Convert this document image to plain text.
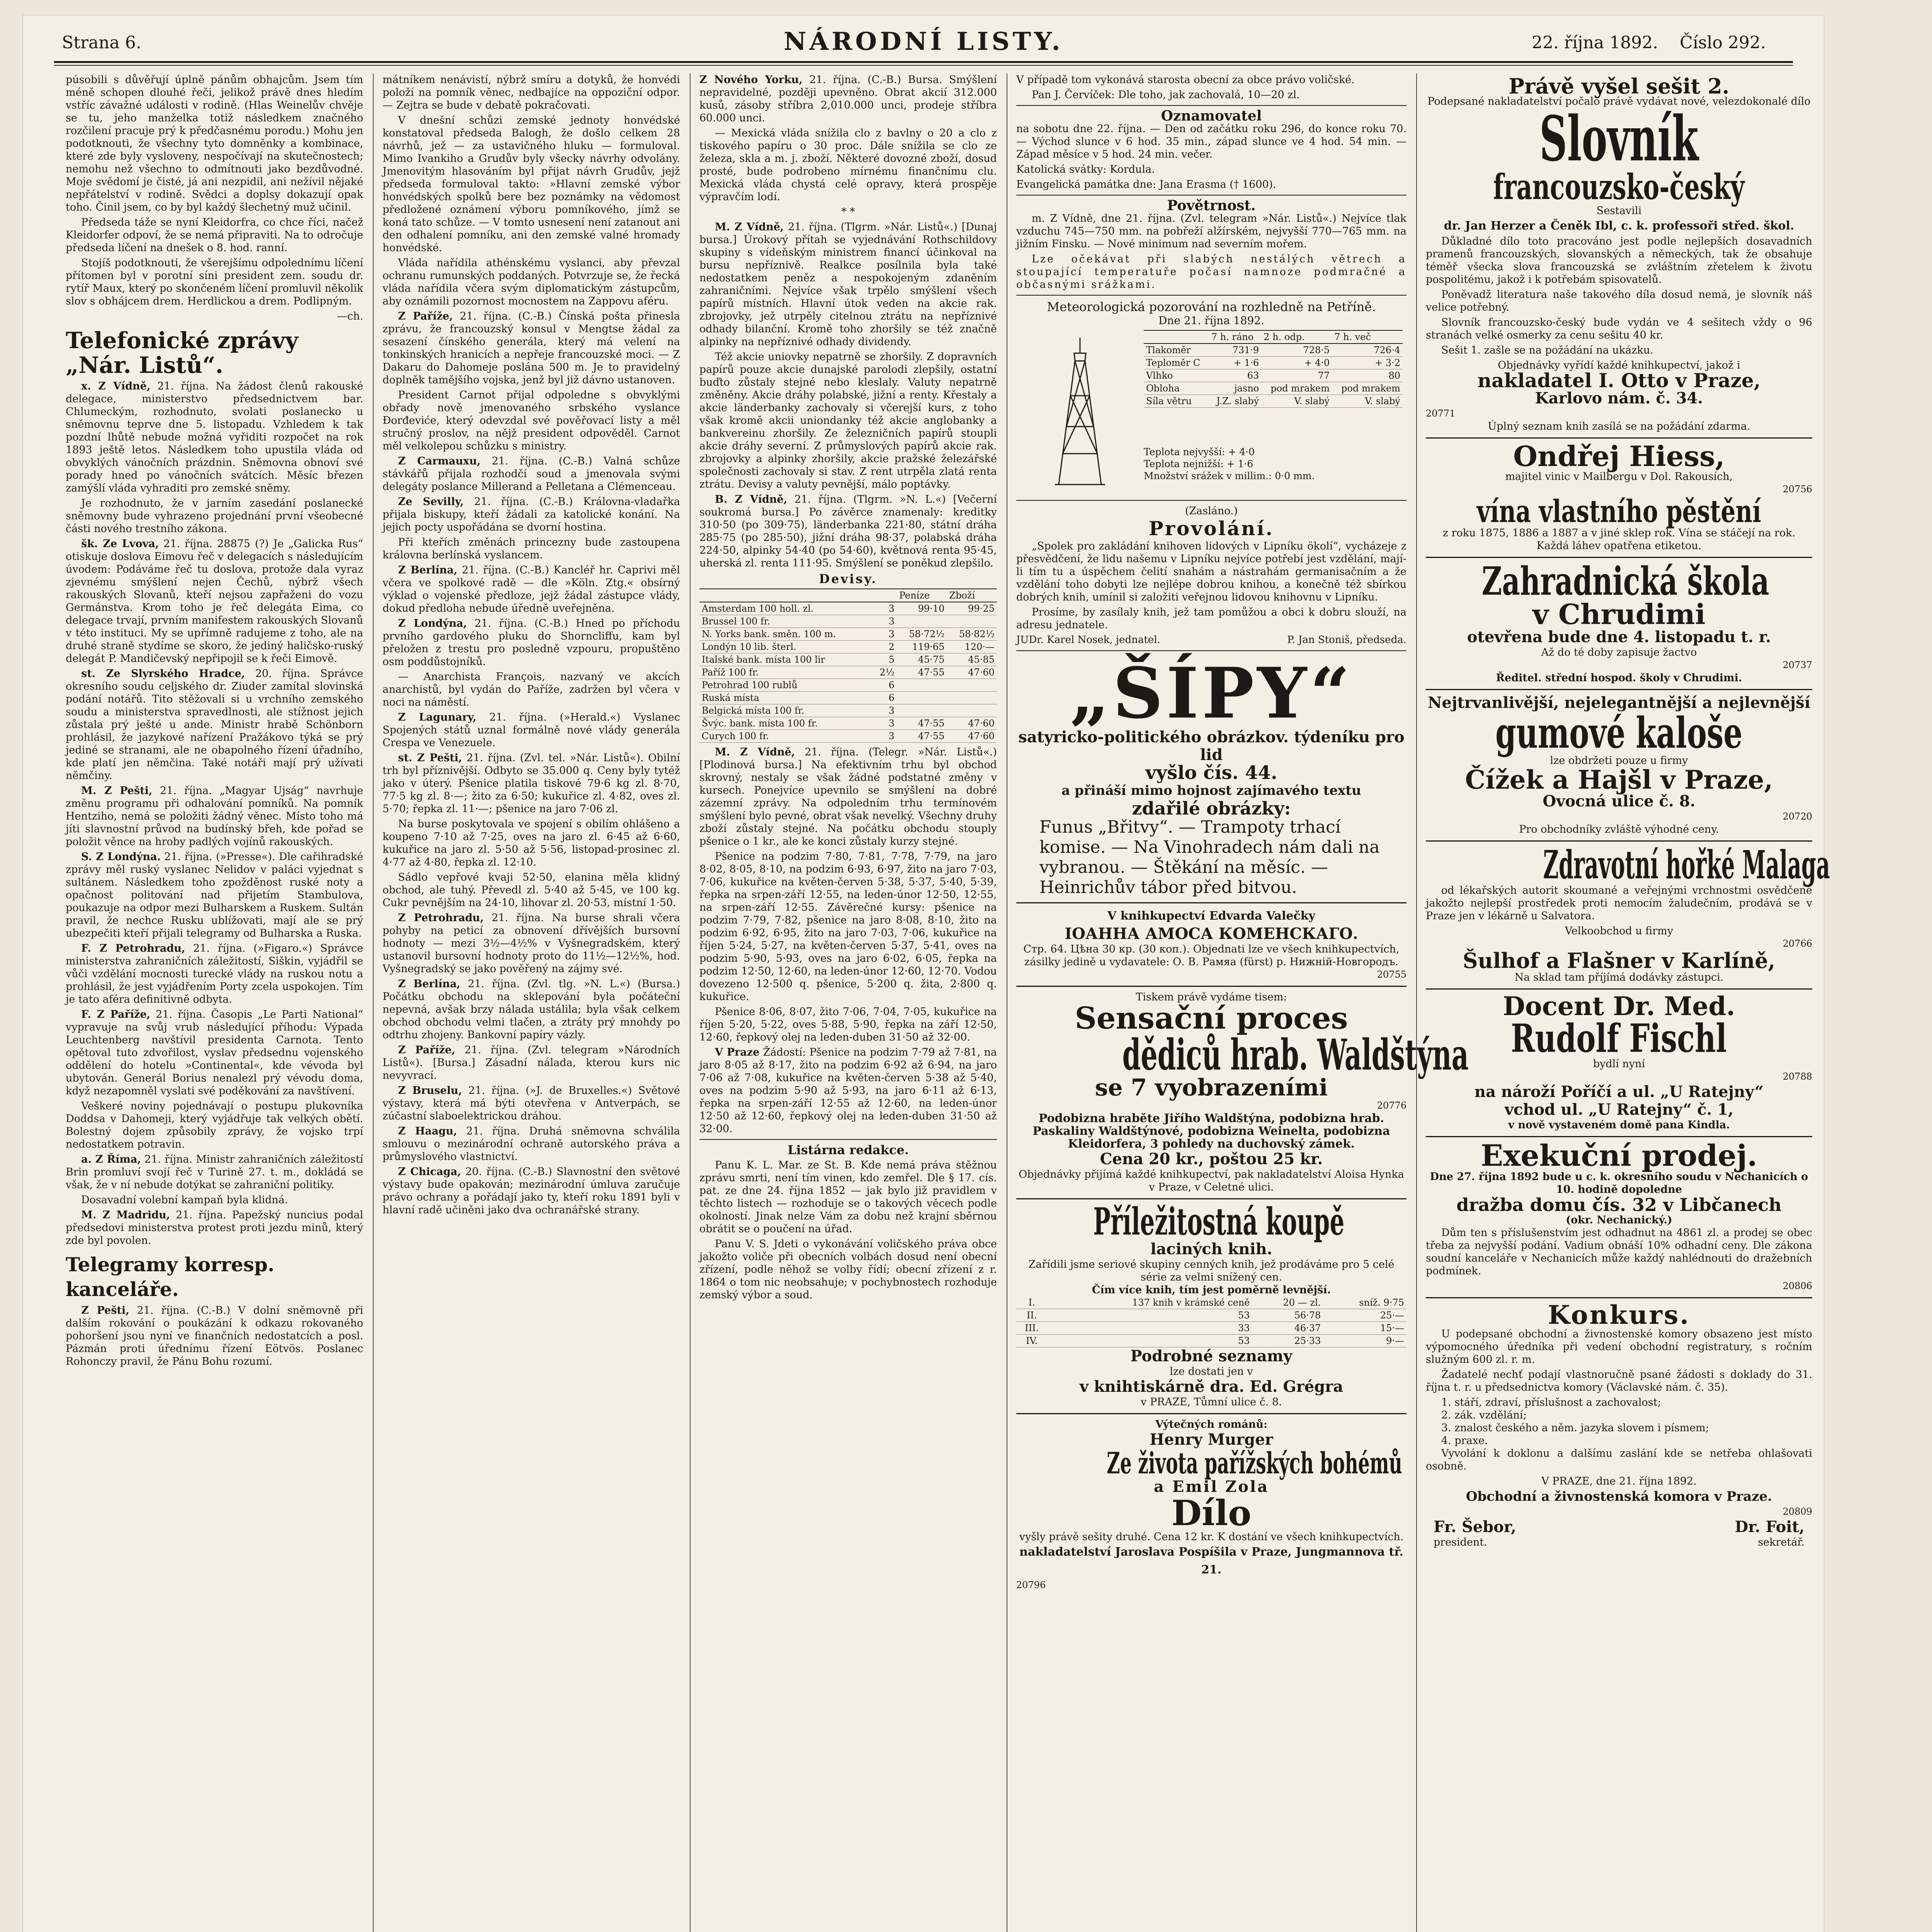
Strana 6.	NÁRODNÍ LISTY.	22. října 1892. Číslo 292.

púsobili s důvěřují úplně pánům obhajcům. Jsem tím méně schopen dlouhé řeči, jelikož právě dnes hledím vstříc závažné události v rodině. (Hlas Weinelův chvěje se tu, jeho manželka totiž následkem značného rozčilení pracuje prý k předčasnému porodu.) Mohu jen podotknouti, že všechny tyto domněnky a kombinace, které zde byly vysloveny, nespočívají na skutečnostech; nemohu než všechno to odmítnouti jako bezdůvodné. Moje svědomí je čisté, já ani nezpidil, ani nežívil nějaké nepřátelství v rodině. Svědci a doplsy dokazují opak toho. Činil jsem, co by byl každý šlechetný muž učinil.

Předseda táže se nyní Kleidorfra, co chce říci, načež Kleidorfer odpoví, že se nemá připraviti. Na to odročuje předseda líčení na dnešek o 8. hod. ranní.

Stojíš podotknouti, že všerejšímu odpolednímu líčení přítomen byl v porotní síni president zem. soudu dr. rytíř Maux, který po skončeném líčení promluvil několik slov s obhájcem drem. Herdlickou a drem. Podlipným.

—ch.

Telefonické zprávy „Nár. Listů“.

x. Z Vídně, 21. října. Na žádost členů rakouské delegace, ministerstvo předsednictvem bar. Chlumeckým, rozhodnuto, svolati poslanecko u sněmovnu teprve dne 5. listopadu. Vzhledem k tak pozdní lhůtě nebude možná vyřiditi rozpočet na rok 1893 ještě letos. Následkem toho upustila vláda od obvyklých vánočních prázdnin. Sněmovna obnoví své porady hned po vánočních svátcích. Měsíc březen zamýšlí vláda vyhraditi pro zemské sněmy.

Je rozhodnuto, že v jarním zasedání poslanecké sněmovny bude vyhrazeno projednání první všeobecné části nového trestního zákona.

šk. Ze Lvova, 21. října. 28875 (?) Je „Galicka Rus“ otiskuje doslova Eimovu řeč v delegacích s následujícím úvodem: Podáváme řeč tu doslova, protože dala vyraz zjevnému smýšlení nejen Čechů, nýbrž všech rakouských Slovanů, kteří nejsou zapřaženi do vozu Germánstva. Krom toho je řeč delegáta Eima, co delegace trvají, prvním manifestem rakouských Slovanů v této instituci. My se upřímně radujeme z toho, ale na druhé straně stydíme se skoro, že jediný haličsko-ruský delegát P. Mandičevský nepřipojil se k řeči Eimově.

st. Ze Slyrského Hradce, 20. října. Správce okresního soudu celjského dr. Ziuder zamítal slovinská podání notářů. Tito stěžovali si u vrchního zemského soudu a ministerstva spravedlnosti, ale stížnost jejich zůstala prý ješté u ande. Ministr hrabě Schönborn prohlásil, že jazykové nařízení Pražákovo týká se prý jediné se stranami, ale ne obapolného řízení úřadního, kde platí jen němčina. Také notáři mají prý užívati němčiny.

M. Z Pešti, 21. října. „Magyar Ujság“ navrhuje změnu programu při odhalování pomníků. Na pomník Hentziho, nemá se položiti žádný věnec. Místo toho má jíti slavnostní průvod na budínský břeh, kde pořad se položit věnce na hroby padlých vojínů rakouských.

S. Z Londýna. 21. října. (»Presse«). Dle cařihradské zprávy měl ruský vyslanec Nelidov v paláci vyjednat s sultánem. Následkem toho zpožděnost ruské noty a opačnost politování nad přijetím Stambulova, poukazuje na odpor mezi Bulharskem a Ruskem. Sultán pravil, že nechce Rusku ublížovati, mají ale se prý ubezpečiti kteří přijali telegramy od Bulharska a Ruska.

F. Z Petrohradu, 21. října. (»Figaro.«) Správce ministerstva zahraničních záležitostí, Siškin, vyjádřil se vůči vzdělání mocnosti turecké vlády na ruskou notu a prohlásil, že jest vyjádřením Porty zcela uspokojen. Tím je tato aféra definitivně odbyta.

F. Z Paříže, 21. října. Časopis „Le Parti National“ vypravuje na svůj vrub následující příhodu: Výpada Leuchtenberg navštívil presidenta Carnota. Tento opětoval tuto zdvořilost, vyslav předsednu vojenského oddělení do hotelu »Continental«, kde vévoda byl ubytován. Generál Borius nenalezl prý vévodu doma, když nezapomněl vyslati své poděkování za navštívení.

Veškeré noviny pojednávají o postupu plukovníka Doddsa v Dahomeji, který vyjádřuje tak velkých obětí. Bolestný dojem způsobily zprávy, že vojsko trpí nedostatkem potravin.

a. Z Říma, 21. října. Ministr zahraničních záležitostí Brin promluví svojí řeč v Turině 27. t. m., dokládá se však, že v ní nebude dotýkat se zahraniční politiky.

Dosavadní volební kampaň byla klidná.

M. Z Madridu, 21. října. Papežský nuncius podal předsedovi ministerstva protest proti jezdu minů, který zde byl povolen.

Telegramy korresp. kanceláře.

Z Pešti, 21. října. (C.-B.) V dolní sněmovně při dalším rokování o poukázání k odkazu rokovaného pohoršení jsou nyní ve finančních nedostatcích a posl. Pázmán proti úřednímu řízení Eötvös. Poslanec Rohonczy pravil, že Pánu Bohu rozumí.

mátníkem nenávistí, nýbrž smíru a dotyků, že honvédi položí na pomník věnec, nedbajíce na oppoziční odpor. — Zejtra se bude v debatě pokračovati.

V dnešní schůzi zemské jednoty honvédské konstatoval předseda Balogh, že došlo celkem 28 návrhů, jež — za ustavičného hluku — formuloval. Mimo Ivankiho a Grudův byly všecky návrhy odvolány. Jmenovitým hlasováním byl přijat návrh Grudův, jejž předseda formuloval takto: »Hlavní zemské výbor honvédských spolků bere bez poznámky na vědomost předložené oznámení výboru pomníkového, jímž se koná tato schůze. — V tomto usnesení není zatanout ani den odhalení pomníku, ani den zemské valné hromady honvédské.

Vláda nařídila athénskému vyslanci, aby převzal ochranu rumunských poddaných. Potvrzuje se, že řecká vláda nařídila včera svým diplomatickým zástupcům, aby oznámili pozornost mocnostem na Zappovu aféru.

Z Paříže, 21. října. (C.-B.) Čínská pošta přinesla zprávu, že francouzský konsul v Mengtse žádal za sesazení čínského generála, který má velení na tonkinských hranicích a nepřeje francouzské moci. — Z Dakaru do Dahomeje poslána 500 m. Je to pravidelný doplněk tamějšího vojska, jenž byl již dávno ustanoven.

President Carnot přijal odpoledne s obvyklými obřady nově jmenovaného srbského vyslance Đorđeviće, který odevzdal své pověřovací listy a měl stručný proslov, na nějž president odpověděl. Carnot měl velkolepou schůzku s ministry.

Z Carmauxu, 21. října. (C.-B.) Valná schůze stávkářů přijala rozhodčí soud a jmenovala svými delegáty poslance Millerand a Pelletana a Clémenceau.

Ze Sevilly, 21. října. (C.-B.) Královna-vladařka přijala biskupy, kteří žádali za katolické konání. Na jejich pocty uspořádána se dvorní hostina.

Při kteřích změnách princezny bude zastoupena královna berlínská vyslancem.

Z Berlína, 21. října. (C.-B.) Kancléř hr. Caprivi měl včera ve spolkové radě — dle »Köln. Ztg.« obsírný výklad o vojenské předloze, jejž žádal zástupce vlády, dokud předloha nebude úředně uveřejněna.

Z Londýna, 21. října. (C.-B.) Hned po příchodu prvního gardového pluku do Shorncliffu, kam byl přeložen z trestu pro posledně vzpouru, propuštěno osm poddůstojníků.

— Anarchista François, nazvaný ve akcích anarchistů, byl vydán do Paříže, zadržen byl včera v noci na náměstí.

Z Lagunary, 21. října. (»Herald.«) Vyslanec Spojených států uznal formálně nové vlády generála Crespa ve Venezuele.

st. Z Pešti, 21. října. (Zvl. tel. »Nár. Listů«). Obilní trh byl příznivější. Odbyto se 35.000 q. Ceny byly tytéž jako v úterý. Pšenice platila tiskové 79·6 kg zl. 8·70, 77·5 kg zl. 8·—; žito za 6·50; kukuřice zl. 4·82, oves zl. 5·70; řepka zl. 11·—; pšenice na jaro 7·06 zl.

Na burse poskytovala ve spojení s obilím ohlášeno a koupeno 7·10 až 7·25, oves na jaro zl. 6·45 až 6·60, kukuřice na jaro zl. 5·50 až 5·56, listopad-prosinec zl. 4·77 až 4·80, řepka zl. 12·10.

Sádlo vepřové kvaji 52·50, elanina měla klidný obchod, ale tuhý. Převedl zl. 5·40 až 5·45, ve 100 kg. Cukr pevnějším na 24·10, lihovar zl. 20·53, místní 1·50.

Z Petrohradu, 21. října. Na burse shrali včera pohyby na peticí za obnovení dřívějších bursovní hodnoty — mezi 3½—4½% v Vyšnegradském, který ustanovil bursovní hodnoty proto do 11½—12½%, hod. Vyšnegradský se jako pověřený na zájmy své.

Z Berlína, 21. října. (Zvl. tlg. »N. L.«) (Bursa.) Počátku obchodu na sklepování byla počáteční nepevná, avšak brzy nálada ustálila; byla však celkem obchod obchodu velmi tlačen, a ztráty prý mnohdy po odtrhu zhojeny. Bankovní papíry vázly.

Z Paříže, 21. října. (Zvl. telegram »Národních Listů«). [Bursa.] Zásadní nálada, kterou kurs nic nevyvrací.

Z Bruselu, 21. října. (»J. de Bruxelles.«) Světové výstavy, která má býti otevřena v Antverpách, se zúčastní slaboelektrickou dráhou.

Z Haagu, 21. října. Druhá sněmovna schválila smlouvu o mezinárodní ochraně autorského práva a průmyslového vlastnictví.

Z Chicaga, 20. října. (C.-B.) Slavnostní den světové výstavy bude opakován; mezinárodní úmluva zaručuje právo ochrany a pořádají jako ty, kteří roku 1891 byli v hlavní radě učiněni jako dva ochranářské strany.

Z Nového Yorku, 21. října. (C.-B.) Bursa. Smýšlení nepravidelné, později upevněno. Obrat akcií 312.000 kusů, zásoby stříbra 2,010.000 unci, prodeje stříbra 60.000 unci.

— Mexická vláda snížila clo z bavlny o 20 a clo z tiskového papíru o 30 proc. Dále snížila se clo ze železa, skla a m. j. zboží. Některé dovozné zboží, dosud prosté, bude podrobeno mírnému finančnímu clu. Mexická vláda chystá celé opravy, která prospěje výpravčím lodí.

* *

M. Z Vídně, 21. října. (Tlgrm. »Nár. Listů«.) [Dunaj bursa.] Úrokový přítah se vyjednávání Rothschildovy skupiny s vídeňským ministrem financí účinkoval na bursu nepříznivě. Realkce posílnila byla také nedostatkem peněz a nespokojeným zdaněním zahraničními. Nejvíce však trpělo smýšlení všech papírů místních. Hlavní útok veden na akcie rak. zbrojovky, jež utrpěly citelnou ztrátu na nepříznivé odhady bilanční. Kromě toho zhoršily se též značně alpinky na nepříznivé odhady dividendy.

Též akcie uniovky nepatrně se zhoršily. Z dopravních papírů pouze akcie dunajské parolodi zlepšily, ostatní buďto zůstaly stejné nebo kleslaly. Valuty nepatrně změněny. Akcie dráhy polabské, jižní a renty. Křestaly a akcie länderbanky zachovaly si včerejší kurs, z toho však kromě akcii uniondanky též akcie anglobanky a bankvereinu zhoršily. Ze železničních papírů stoupli akcie dráhy severní. Z průmyslových papírů akcie rak. zbrojovky a alpinky zhoršily, akcie pražské železářské společnosti zachovaly si stav. Z rent utrpěla zlatá renta ztrátu. Devisy a valuty pevnější, málo poptávky.

B. Z Vídně, 21. října. (Tlgrm. »N. L.«) [Večerní soukromá bursa.] Po závěrce znamenaly: kreditky 310·50 (po 309·75), länderbanka 221·80, státní dráha 285·75 (po 285·50), jižní dráha 98·37, polabská dráha 224·50, alpinky 54·40 (po 54·60), květnová renta 95·45, uherská zl. renta 111·95. Smýšlení se poněkud zlepšilo.

Devisy.
		Peníze	Zboží
Amsterdam 100 holl. zl.	3	99·10	99·25
Brussel 100 fr.	3		
N. Yorks bank. směn. 100 m.	3	58·72½	58·82½
Londýn 10 lib. šterl.	2	119·65	120·—
Italské bank. místa 100 lir	5	45·75	45·85
Paříž 100 fr.	2½	47·55	47·60
Petrohrad 100 rublů	6		
Ruská místa	6		
Belgická místa 100 fr.	3		
Švýc. bank. místa 100 fr.	3	47·55	47·60
Curych 100 fr.	3	47·55	47·60

M. Z Vídně, 21. října. (Telegr. »Nár. Listů«.) [Plodinová bursa.] Na efektivním trhu byl obchod skrovný, nestaly se však žádné podstatné změny v kursech. Ponejvíce upevnilo se smýšlení na dobré zázemní zprávy. Na odpoledním trhu termínovém smýšlení bylo pevné, obrat však nevelký. Všechny druhy zboží zůstaly stejné. Na počátku obchodu stouply pšenice o 1 kr., ale ke konci zůstaly kurzy stejné.

Pšenice na podzim 7·80, 7·81, 7·78, 7·79, na jaro 8·02, 8·05, 8·10, na podzim 6·93, 6·97, žito na jaro 7·03, 7·06, kukuřice na květen-červen 5·38, 5·37, 5·40, 5·39, řepka na srpen-září 12·55, na leden-únor 12·50, 12·55, na srpen-září 12·55. Závěrečné kursy: pšenice na podzim 7·79, 7·82, pšenice na jaro 8·08, 8·10, žito na podzim 6·92, 6·95, žito na jaro 7·03, 7·06, kukuřice na říjen 5·24, 5·27, na květen-červen 5·37, 5·41, oves na podzim 5·90, 5·93, oves na jaro 6·02, 6·05, řepka na podzim 12·50, 12·60, na leden-únor 12·60, 12·70. Vodou dovezeno 12·500 q. pšenice, 5·200 q. žita, 2·800 q. kukuřice.

Pšenice 8·06, 8·07, žito 7·06, 7·04, 7·05, kukuřice na říjen 5·20, 5·22, oves 5·88, 5·90, řepka na září 12·50, 12·60, řepkový olej na leden-duben 31·50 až 32·00.

V Praze Žádostí: Pšenice na podzim 7·79 až 7·81, na jaro 8·05 až 8·17, žito na podzim 6·92 až 6·94, na jaro 7·06 až 7·08, kukuřice na květen-červen 5·38 až 5·40, oves na podzim 5·90 až 5·93, na jaro 6·11 až 6·13, řepka na srpen-září 12·55 až 12·60, na leden-únor 12·50 až 12·60, řepkový olej na leden-duben 31·50 až 32·00.

Listárna redakce.

Panu K. L. Mar. ze St. B. Kde nemá práva stěžnou zprávu smrti, není tím vinen, kdo zemřel. Dle § 17. cís. pat. ze dne 24. října 1852 — jak bylo již pravidlem v těchto listech — rozhoduje se o takových věcech podle okolností. Jinak nelze Vám za dobu než krajní sběrnou obrátit se o poučení na úřad.

Panu V. S. Jdeti o vykonávání voličského práva obce jakožto voliče při obecních volbách dosud není obecní zřízení, podle něhož se volby řídí; obecní zřízení z r. 1864 o tom nic neobsahuje; v pochybnostech rozhoduje zemský výbor a soud.

V případě tom vykonává starosta obecní za obce právo voličské.

Pan J. Červíček: Dle toho, jak zachovalá, 10—20 zl.

Oznamovatel

na sobotu dne 22. října. — Den od začátku roku 296, do konce roku 70. — Východ slunce v 6 hod. 35 min., západ slunce ve 4 hod. 54 min. — Západ měsíce v 5 hod. 24 min. večer.

Katolická svátky: Kordula.

Evangelická památka dne: Jana Erasma († 1600).

Povětrnost.

m. Z Vídně, dne 21. října. (Zvl. telegram »Nár. Listů«.) Nejvíce tlak vzduchu 745—750 mm. na pobřeží alžírském, nejvyšší 770—765 mm. na jižním Finsku. — Nové minimum nad severním mořem.

Lze očekávat při slabých nestálých větrech a stoupající temperatuře počasí namnoze podmračné a občasnými srážkami.

Meteorologická pozorování na rozhledně na Petříně.
Dne 21. října 1892.
	7 h. ráno	2 h. odp.	7 h. več
Tlakoměr	731·9	728·5	726·4
Teploměr C	+ 1·6	+ 4·0	+ 3·2
Vlhko	63	77	80
Oblohа	jasno	pod mrakem	pod mrakem
Síla větru	J.Z. slabý	V. slabý	V. slabý
Teplota nejvyšší: + 4·0
Teplota nejnižší: + 1·6
Množství srážek v millim.: 0·0 mm.
(Zasláno.)
Provolání.

„Spolek pro zakládání knihoven lidových v Lipníku ökolí“, vycházeje z přesvědčení, že lidu našemu v Lipníku nejvíce potřebí jest vzdělání, mají-li tím tu a úspěchem čelití snahám a nástrahám germanisačním a že vzdělání toho dobyti lze nejlépe dobrou knihou, a konečně též sbírkou dobrých knih, umínil si založiti veřejnou lidovou knihovnu v Lipníku.

Prosíme, by zasílaly knih, jež tam pomůžou a obci k dobru slouží, na adresu jednatele.

JUDr. Karel Nosek, jednatel.	P. Jan Stoniš, předseda.
„ŠÍPY“
satyricko-politického obrázkov. týdeníku pro lid
vyšlo čís. 44.
a přináší mimo hojnost zajímavého textu
zdařilé obrázky:
Funus „Břitvy“. — Trampoty trhací komise. — Na Vinohradech nám dali na vybranou. — Štěkání na měsíc. — Heinrichův tábor před bitvou.
V knihkupectví Edvarda Valečky
ІОАННА АМОСА КОМЕНСКАГО.
Стр. 64. Цѣна 30 кр. (30 коп.). Objednati lze ve všech knihkupectvích, zásilky jedině u vydavatele: О. В. Рамяа (fürst) р. Нижній-Новгородъ.
20755
Tiskem právě vydáme tisem:
Sensační proces
dědiců hrab. Waldštýna
se 7 vyobrazeními
20776
Podobizna hraběte Jiřího Waldštýna, podobizna hrab. Paskaliny Waldštýnové, podobizna Weinelta, podobizna Kleidorfera, 3 pohledy na duchovský zámek.
Cena 20 kr., poštou 25 kr.
Objednávky přijímá každé knihkupectví, pak nakladatelství Aloisa Hynka v Praze, v Celetné ulici.
Příležitostná koupě
laciných knih.
Zařídili jsme seriové skupiny cenných knih, jež prodáváme pro 5 celé série za velmi snížený cen.
Čím více knih, tím jest poměrně levnější.
I.	137 knih v krámské ceně	20 — zl.	sníž. 9·75
II.	53	56·78	25·—
III.	33	46·37	15·—
IV.	53	25·33	9·—
Podrobné seznamy
lze dostati jen v
v knihtiskárně dra. Ed. Grégra
v PRAZE, Tůmní ulice č. 8.
Výtečných románů:
Henry Murger
Ze života pařížských bohémů
a Emil Zola
Dílo
vyšly právě sešity druhé. Cena 12 kr. K dostání ve všech knihkupectvích.
nakladatelství Jaroslava Pospíšila v Praze, Jungmannova tř. 21.
20796
Právě vyšel sešit 2.
Podepsané nakladatelství počalo právě vydávat nové, velezdokonalé dílo
Slovník
francouzsko-český
Sestavili
dr. Jan Herzer a Čeněk Ibl, c. k. professoři střed. škol.

Důkladné dílo toto pracováno jest podle nejlepších dosavadních pramenů francouzských, slovanských a německých, tak že obsahuje téměř všecka slova francouzská se zvláštním zřetelem k životu pospolitému, jakož i k potřebám spisovatelů.

Poněvadž literatura naše takového díla dosud nemá, je slovník náš velice potřebný.

Slovník francouzsko-český bude vydán ve 4 sešitech vždy o 96 stranách velké osmerky za cenu sešitu 40 kr.

Sešit 1. zašle se na požádání na ukázku.

Objednávky vyřídí každé knihkupectví, jakož i
nakladatel I. Otto v Praze,
Karlovo nám. č. 34.
20771
Úplný seznam knih zasílá se na požádání zdarma.
Ondřej Hiess,
majitel vinic v Mailbergu v Dol. Rakousích,
20756
vína vlastního pěstění
z roku 1875, 1886 a 1887 a v jiné sklep rok. Vína se stáčejí na rok. Každá láhev opatřena etiketou.
Zahradnická škola
v Chrudimi
otevřena bude dne 4. listopadu t. r.
Až do té doby zapisuje žactvo
20737
Ředitel. střední hospod. školy v Chrudimi.
Nejtrvanlivější, nejelegantnější a nejlevnější
gumové kaloše
lze obdržeti pouze u firmy
Čížek a Hajšl v Praze,
Ovocná ulice č. 8.
20720
Pro obchodníky zvláště výhodné ceny.
Zdravotní hořké Malaga

od lékařských autorit skoumané a veřejnými vrchnostmi osvědčené jakožto nejlepší prostředek proti nemocím žaludečním, prodává se v Praze jen v lékárně u Salvatora.

Velkoobchod u firmy
20766
Šulhof a Flašner v Karlíně,
Na sklad tam příjímá dodávky zástupci.
Docent Dr. Med.
Rudolf Fischl
bydlí nyní
20788
na nároží Poříčí a ul. „U Ratejny“
vchod ul. „U Ratejny“ č. 1,
v nově vystaveném domě pana Kindla.
Exekuční prodej.
Dne 27. října 1892 bude u c. k. okresního soudu v Nechanicích o 10. hodině dopoledne
dražba domu čís. 32 v Libčanech
(okr. Nechanický.)

Dům ten s příslušenstvím jest odhadnut na 4861 zl. a prodej se obec třeba za nejvyšší podání. Vadium obnáší 10% odhadní ceny. Dle zákona soudní kanceláře v Nechanicích může každý nahlédnouti do dražebních podmínek.

20806
Konkurs.

U podepsané obchodní a živnostenské komory obsazeno jest místo výpomocného úředníka při vedení obchodní registratury, s ročním služným 600 zl. r. m.

Žadatelé nechť podají vlastnoručně psané žádosti s doklady do 31. října t. r. u předsednictva komory (Václavské nám. č. 35).

1. stáří, zdraví, příslušnost a zachovalost;
2. zák. vzdělání;
3. znalost českého a něm. jazyka slovem i písmem;
4. praxe.

Vyvolání k doklonu a dalšímu zaslání kde se netřeba ohlašovati osobně.

V PRAZE, dne 21. října 1892.
Obchodní a živnostenská komora v Praze.
20809
Fr. Šebor,	Dr. Foit,
president.	sekretář.
